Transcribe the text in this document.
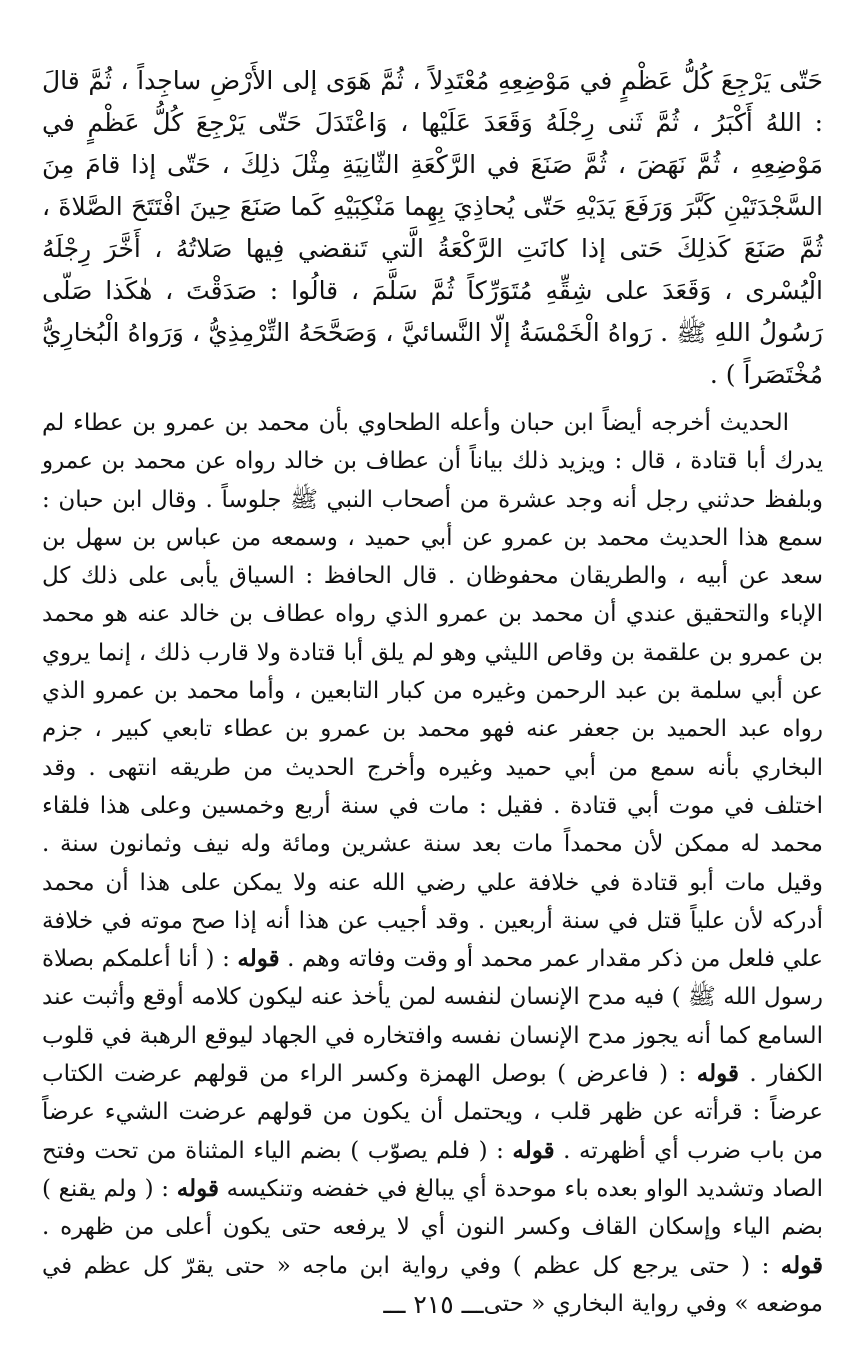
حَتّى يَرْجِعَ كُلُّ عَظْمٍ في مَوْضِعِهِ مُعْتَدِلاً ، ثُمَّ هَوَى إلى الأَرْضِ ساجِداً ، ثُمَّ قالَ : اللهُ أَكْبَرُ ، ثُمَّ ثَنى رِجْلَهُ وَقَعَدَ عَلَيْها ، وَاعْتَدَلَ حَتّى يَرْجِعَ كُلُّ عَظْمٍ في مَوْضِعِهِ ، ثُمَّ نَهَضَ ، ثُمَّ صَنَعَ في الرَّكْعَةِ الثّانِيَةِ مِثْلَ ذلِكَ ، حَتّى إذا قامَ مِنَ السَّجْدَتَيْنِ كَبَّرَ وَرَفَعَ يَدَيْهِ حَتّى يُحاذِيَ بِهِما مَنْكِبَيْهِ كَما صَنَعَ حِينَ افْتَتَحَ الصَّلاةَ ، ثُمَّ صَنَعَ كَذلِكَ حَتى إذا كانَتِ الرَّكْعَةُ الَّتي تَنقضي فِيها صَلاتُهُ ، أَخَّرَ رِجْلَهُ الْيُسْرى ، وَقَعَدَ على شِقِّهِ مُتَوَرِّكاً ثُمَّ سَلَّمَ ، قالُوا : صَدَقْتَ ، هٰكَذا صَلّى رَسُولُ اللهِ ﷺ . رَواهُ الْخَمْسَةُ إلّا النَّسائيَّ ، وَصَحَّحَهُ التِّرْمِذِيُّ ، وَرَواهُ الْبُخارِيُّ مُخْتَصَراً ) .

الحديث أخرجه أيضاً ابن حبان وأعله الطحاوي بأن محمد بن عمرو بن عطاء لم يدرك أبا قتادة ، قال : ويزيد ذلك بياناً أن عطاف بن خالد رواه عن محمد بن عمرو وبلفظ حدثني رجل أنه وجد عشرة من أصحاب النبي ﷺ جلوساً . وقال ابن حبان : سمع هذا الحديث محمد بن عمرو عن أبي حميد ، وسمعه من عباس بن سهل بن سعد عن أبيه ، والطريقان محفوظان . قال الحافظ : السياق يأبى على ذلك كل الإباء والتحقيق عندي أن محمد بن عمرو الذي رواه عطاف بن خالد عنه هو محمد بن عمرو بن علقمة بن وقاص الليثي وهو لم يلق أبا قتادة ولا قارب ذلك ، إنما يروي عن أبي سلمة بن عبد الرحمن وغيره من كبار التابعين ، وأما محمد بن عمرو الذي رواه عبد الحميد بن جعفر عنه فهو محمد بن عمرو بن عطاء تابعي كبير ، جزم البخاري بأنه سمع من أبي حميد وغيره وأخرج الحديث من طريقه انتهى . وقد اختلف في موت أبي قتادة . فقيل : مات في سنة أربع وخمسين وعلى هذا فلقاء محمد له ممكن لأن محمداً مات بعد سنة عشرين ومائة وله نيف وثمانون سنة . وقيل مات أبو قتادة في خلافة علي رضي الله عنه ولا يمكن على هذا أن محمد أدركه لأن علياً قتل في سنة أربعين . وقد أجيب عن هذا أنه إذا صح موته في خلافة علي فلعل من ذكر مقدار عمر محمد أو وقت وفاته وهم . قوله : ( أنا أعلمكم بصلاة رسول الله ﷺ ) فيه مدح الإنسان لنفسه لمن يأخذ عنه ليكون كلامه أوقع وأثبت عند السامع كما أنه يجوز مدح الإنسان نفسه وافتخاره في الجهاد ليوقع الرهبة في قلوب الكفار . قوله : ( فاعرض ) بوصل الهمزة وكسر الراء من قولهم عرضت الكتاب عرضاً : قرأته عن ظهر قلب ، ويحتمل أن يكون من قولهم عرضت الشيء عرضاً من باب ضرب أي أظهرته . قوله : ( فلم يصوّب ) بضم الياء المثناة من تحت وفتح الصاد وتشديد الواو بعده باء موحدة أي يبالغ في خفضه وتنكيسه قوله : ( ولم يقنع ) بضم الياء وإسكان القاف وكسر النون أي لا يرفعه حتى يكون أعلى من ظهره . قوله : ( حتى يرجع كل عظم ) وفي رواية ابن ماجه « حتى يقرّ كل عظم في موضعه » وفي رواية البخاري « حتى

ـــ ٢١٥ ـــ
